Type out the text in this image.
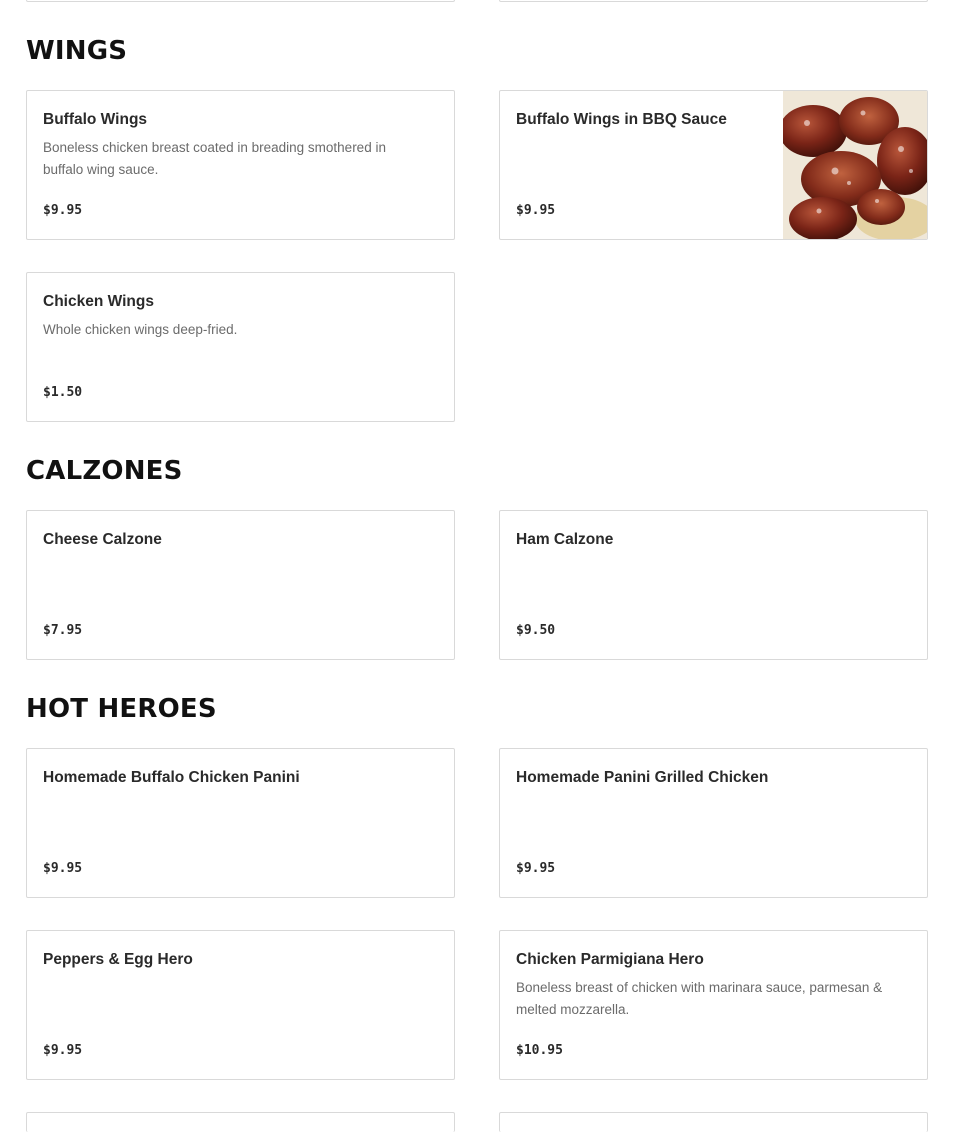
WINGS
Buffalo Wings
Boneless chicken breast coated in breading smothered in buffalo wing sauce.
$9.95
Buffalo Wings in BBQ Sauce
$9.95
Chicken Wings
Whole chicken wings deep-fried.
$1.50
CALZONES
Cheese Calzone
$7.95
Ham Calzone
$9.50
HOT HEROES
Homemade Buffalo Chicken Panini
$9.95
Homemade Panini Grilled Chicken
$9.95
Peppers & Egg Hero
$9.95
Chicken Parmigiana Hero
Boneless breast of chicken with marinara sauce, parmesan & melted mozzarella.
$10.95
